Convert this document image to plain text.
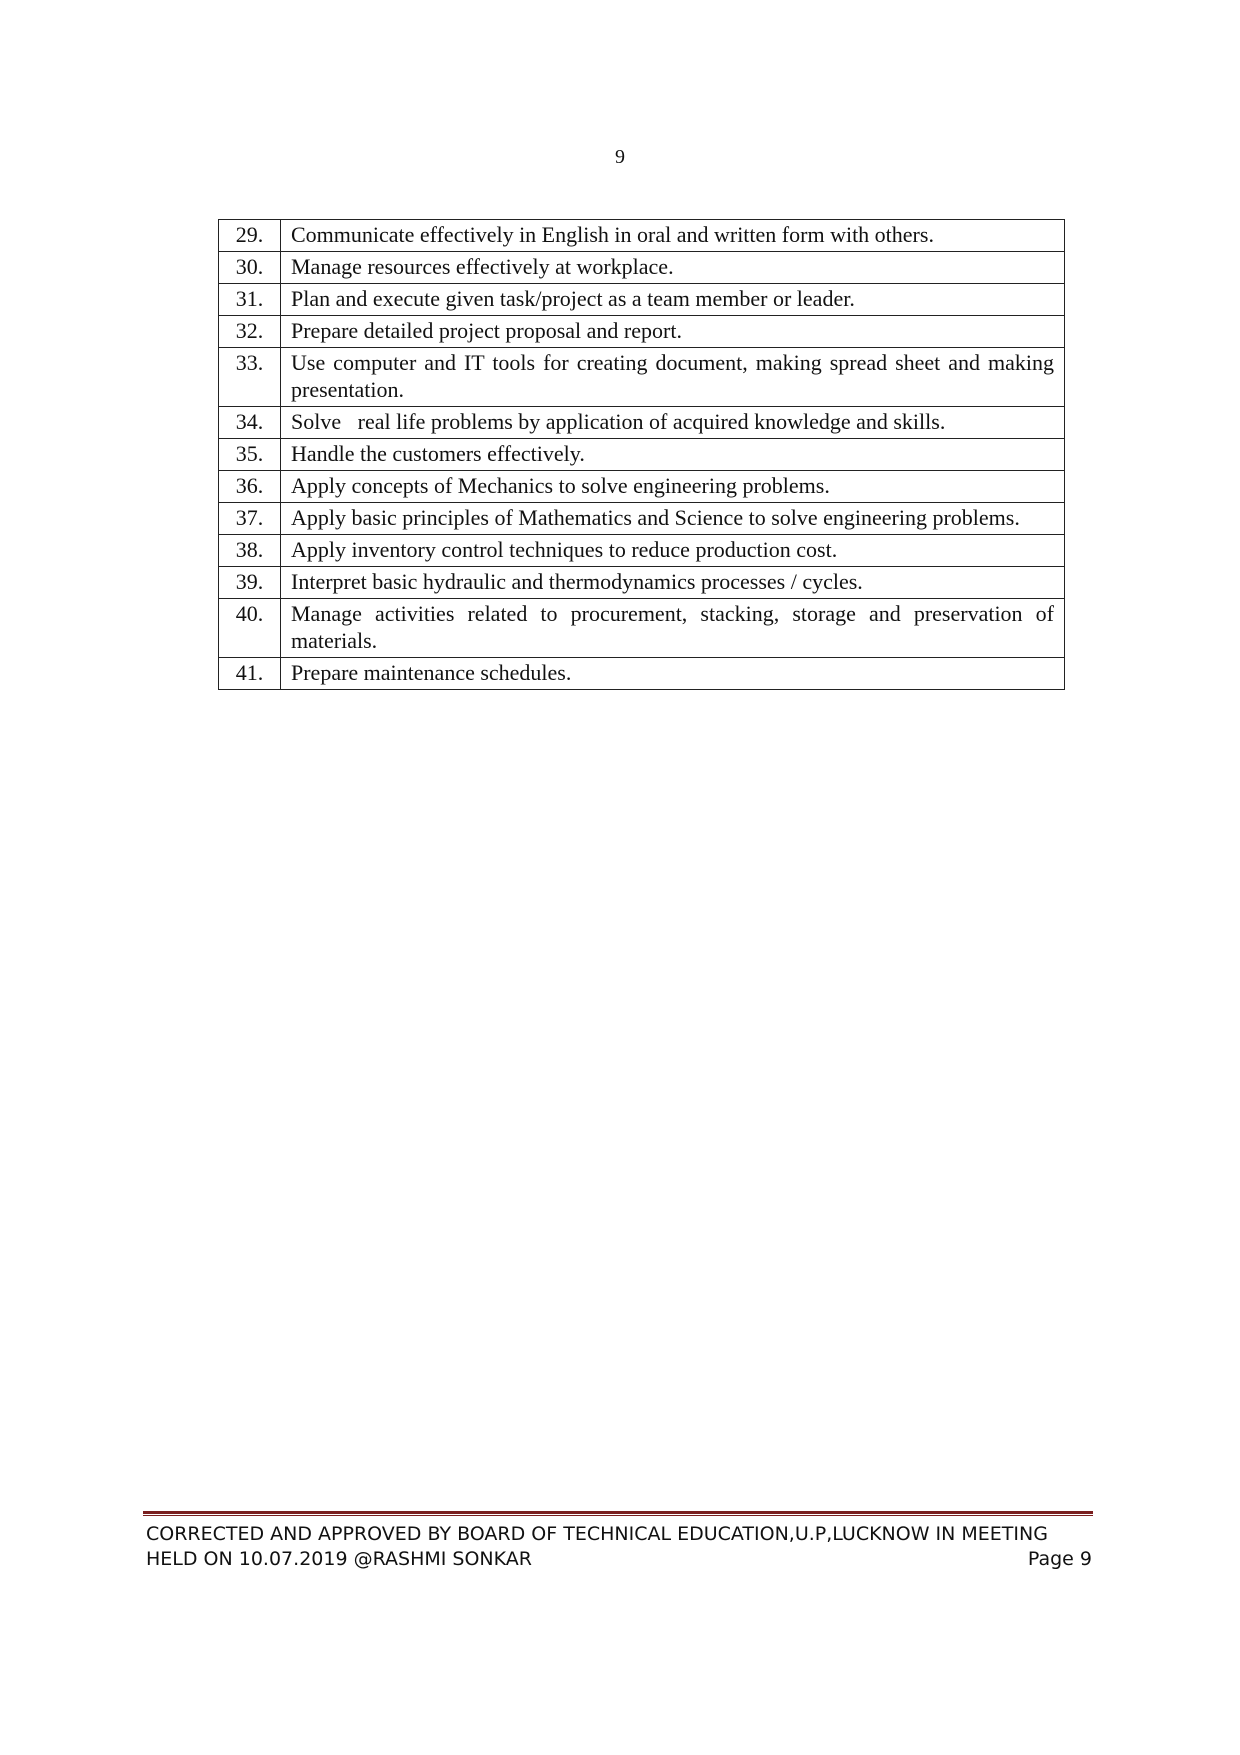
9
29.	Communicate effectively in English in oral and written form with others.
30.	Manage resources effectively at workplace.
31.	Plan and execute given task/project as a team member or leader.
32.	Prepare detailed project proposal and report.
33.	Use computer and IT tools for creating document, making spread sheet and making presentation.
34.	Solve   real life problems by application of acquired knowledge and skills.
35.	Handle the customers effectively.
36.	Apply concepts of Mechanics to solve engineering problems.
37.	Apply basic principles of Mathematics and Science to solve engineering problems.
38.	Apply inventory control techniques to reduce production cost.
39.	Interpret basic hydraulic and thermodynamics processes / cycles.
40.	Manage activities related to procurement, stacking, storage and preservation of materials.
41.	Prepare maintenance schedules.
CORRECTED AND APPROVED BY BOARD OF TECHNICAL EDUCATION,U.P,LUCKNOW IN MEETING
HELD ON 10.07.2019 @RASHMI SONKAR	Page 9
